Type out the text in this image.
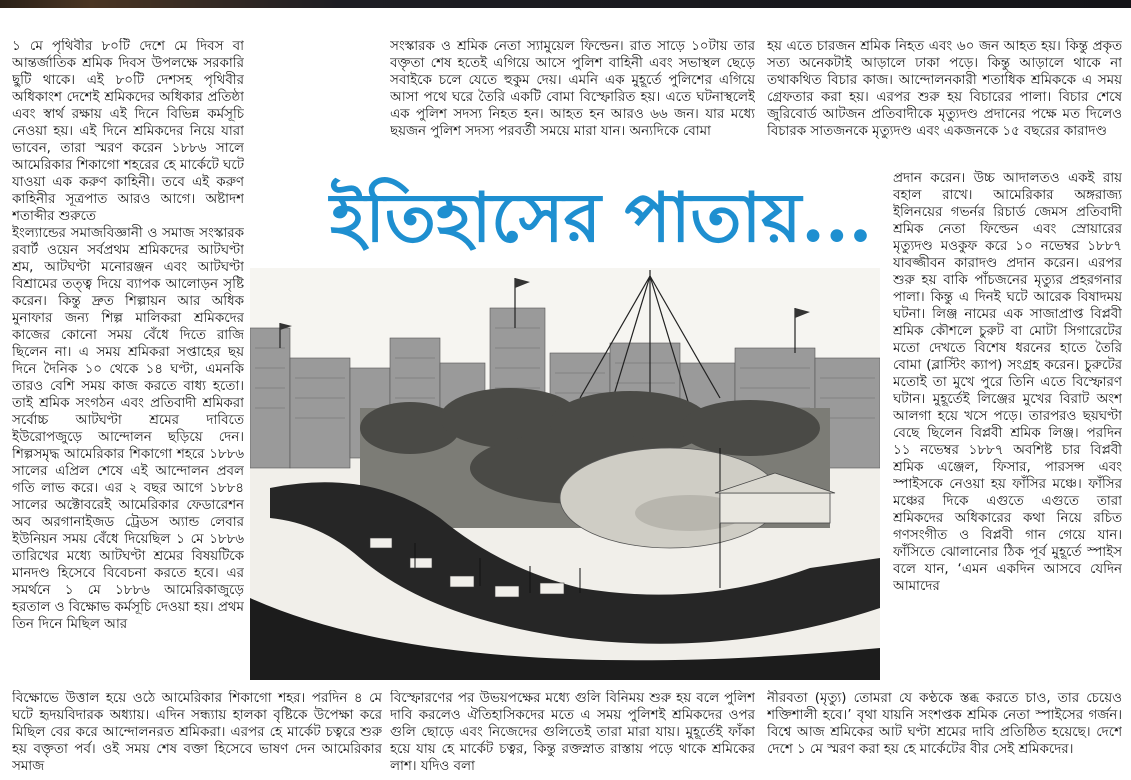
১ মে পৃথিবীর ৮০টি দেশে মে দিবস বা আন্তর্জাতিক শ্রমিক দিবস উপলক্ষে সরকারি ছুটি থাকে। এই ৮০টি দেশসহ পৃথিবীর অধিকাংশ দেশেই শ্রমিকদের অধিকার প্রতিষ্ঠা এবং স্বার্থ রক্ষায় এই দিনে বিভিন্ন কর্মসূচি নেওয়া হয়। এই দিনে শ্রমিকদের নিয়ে যারা ভাবেন, তারা স্মরণ করেন ১৮৮৬ সালে আমেরিকার শিকাগো শহরের হে মার্কেটে ঘটে যাওয়া এক করুণ কাহিনী। তবে এই করুণ কাহিনীর সূত্রপাত আরও আগে। অষ্টাদশ শতাব্দীর শুরুতে
ইংল্যান্ডের সমাজবিজ্ঞানী ও সমাজ সংস্কারক রবার্ট ওয়েন সর্বপ্রথম শ্রমিকদের আটঘণ্টা শ্রম, আটঘণ্টা মনোরঞ্জন এবং আটঘণ্টা বিশ্রামের তত্ত্ব দিয়ে ব্যাপক আলোড়ন সৃষ্টি করেন। কিন্তু দ্রুত শিল্পায়ন আর অধিক মুনাফার জন্য শিল্প মালিকরা শ্রমিকদের কাজের কোনো সময় বেঁধে দিতে রাজি ছিলেন না। এ সময় শ্রমিকরা সপ্তাহের ছয় দিনে দৈনিক ১০ থেকে ১৪ ঘণ্টা, এমনকি তারও বেশি সময় কাজ করতে বাধ্য হতো। তাই শ্রমিক সংগঠন এবং প্রতিবাদী শ্রমিকরা সর্বোচ্চ আটঘণ্টা শ্রমের দাবিতে ইউরোপজুড়ে আন্দোলন ছড়িয়ে দেন। শিল্পসমৃদ্ধ আমেরিকার শিকাগো শহরে ১৮৮৬ সালের এপ্রিল শেষে এই আন্দোলন প্রবল গতি লাভ করে। এর ২ বছর আগে ১৮৮৪ সালের অক্টোবরেই আমেরিকার ফেডারেশন অব অরগানাইজড ট্রেডস অ্যান্ড লেবার ইউনিয়ন সময় বেঁধে দিয়েছিল ১ মে ১৮৮৬ তারিখের মধ্যে আটঘণ্টা শ্রমের বিষয়টিকে মানদণ্ড হিসেবে বিবেচনা করতে হবে। এর সমর্থনে ১ মে ১৮৮৬ আমেরিকাজুড়ে হরতাল ও বিক্ষোভ কর্মসূচি দেওয়া হয়। প্রথম তিন দিনে মিছিল আর
বিক্ষোভে উত্তাল হয়ে ওঠে আমেরিকার শিকাগো শহর। পরদিন ৪ মে ঘটে হৃদয়বিদারক অধ্যায়। এদিন সন্ধ্যায় হালকা বৃষ্টিকে উপেক্ষা করে মিছিল বের করে আন্দোলনরত শ্রমিকরা। এরপর হে মার্কেট চত্বরে শুরু হয় বক্তৃতা পর্ব। ওই সময় শেষ বক্তা হিসেবে ভাষণ দেন আমেরিকার সমাজ
সংস্কারক ও শ্রমিক নেতা স্যামুয়েল ফিল্ডেন। রাত সাড়ে ১০টায় তার বক্তৃতা শেষ হতেই এগিয়ে আসে পুলিশ বাহিনী এবং সভাস্থল ছেড়ে সবাইকে চলে যেতে হুকুম দেয়। এমনি এক মুহূর্তে পুলিশের এগিয়ে আসা পথে ঘরে তৈরি একটি বোমা বিস্ফোরিত হয়। এতে ঘটনাস্থলেই এক পুলিশ সদস্য নিহত হন। আহত হন আরও ৬৬ জন। যার মধ্যে ছয়জন পুলিশ সদস্য পরবর্তী সময়ে মারা যান। অন্যদিকে বোমা
বিস্ফোরণের পর উভয়পক্ষের মধ্যে গুলি বিনিময় শুরু হয় বলে পুলিশ দাবি করলেও ঐতিহাসিকদের মতে এ সময় পুলিশই শ্রমিকদের ওপর গুলি ছোড়ে এবং নিজেদের গুলিতেই তারা মারা যায়। মুহূর্তেই ফাঁকা হয়ে যায় হে মার্কেট চত্বর, কিন্তু রক্তস্নাত রাস্তায় পড়ে থাকে শ্রমিকের লাশ। যদিও বলা
হয় এতে চারজন শ্রমিক নিহত এবং ৬০ জন আহত হয়। কিন্তু প্রকৃত সত্য অনেকটাই আড়ালে ঢাকা পড়ে। কিন্তু আড়ালে থাকে না তথাকথিত বিচার কাজ। আন্দোলনকারী শতাধিক শ্রমিককে এ সময় গ্রেফতার করা হয়। এরপর শুরু হয় বিচারের পালা। বিচার শেষে জুরিবোর্ড আটজন প্রতিবাদীকে মৃত্যুদণ্ড প্রদানের পক্ষে মত দিলেও বিচারক সাতজনকে মৃত্যুদণ্ড এবং একজনকে ১৫ বছরের কারাদণ্ড
প্রদান করেন। উচ্চ আদালতও একই রায় বহাল রাখে। আমেরিকার অঙ্গরাজ্য ইলিনয়ের গভর্নর রিচার্ড জেমস প্রতিবাদী শ্রমিক নেতা ফিল্ডেন এবং স্রোয়ারের মৃত্যুদণ্ড মওকুফ করে ১০ নভেম্বর ১৮৮৭ যাবজ্জীবন কারাদণ্ড প্রদান করেন। এরপর শুরু হয় বাকি পাঁচজনের মৃত্যুর প্রহরগনার পালা। কিন্তু এ দিনই ঘটে আরেক বিষাদময় ঘটনা। লিঞ্জ নামের এক সাজাপ্রাপ্ত বিপ্লবী শ্রমিক কৌশলে চুরুট বা মোটা সিগারেটের মতো দেখতে বিশেষ ধরনের হাতে তৈরি বোমা (ব্লাস্টিং ক্যাপ) সংগ্রহ করেন। চুরুটের মতোই তা মুখে পুরে তিনি এতে বিস্ফোরণ ঘটান। মুহূর্তেই লিঞ্জের মুখের বিরাট অংশ আলগা হয়ে খসে পড়ে। তারপরও ছয়ঘণ্টা বেছে ছিলেন বিপ্লবী শ্রমিক লিঞ্জ। পরদিন ১১ নভেম্বর ১৮৮৭ অবশিষ্ট চার বিপ্লবী শ্রমিক এঞ্জেল, ফিসার, পারসন্স এবং স্পাইসকে নেওয়া হয় ফাঁসির মঞ্চে। ফাঁসির মঞ্চের দিকে এগুতে এগুতে তারা শ্রমিকদের অধিকারের কথা নিয়ে রচিত গণসংগীত ও বিপ্লবী গান গেয়ে যান। ফাঁসিতে ঝোলানোর ঠিক পূর্ব মুহূর্তে স্পাইস বলে যান, ‘এমন একদিন আসবে যেদিন আমাদের
নীরবতা (মৃত্যু) তোমরা যে কণ্ঠকে স্তব্ধ করতে চাও, তার চেয়েও শক্তিশালী হবে।’ বৃথা যায়নি সংশপ্তক শ্রমিক নেতা স্পাইসের গর্জন। বিশ্বে আজ শ্রমিকের আট ঘণ্টা শ্রমের দাবি প্রতিষ্ঠিত হয়েছে। দেশে দেশে ১ মে স্মরণ করা হয় হে মার্কেটের বীর সেই শ্রমিকদের।
ইতিহাসের পাতায়...
